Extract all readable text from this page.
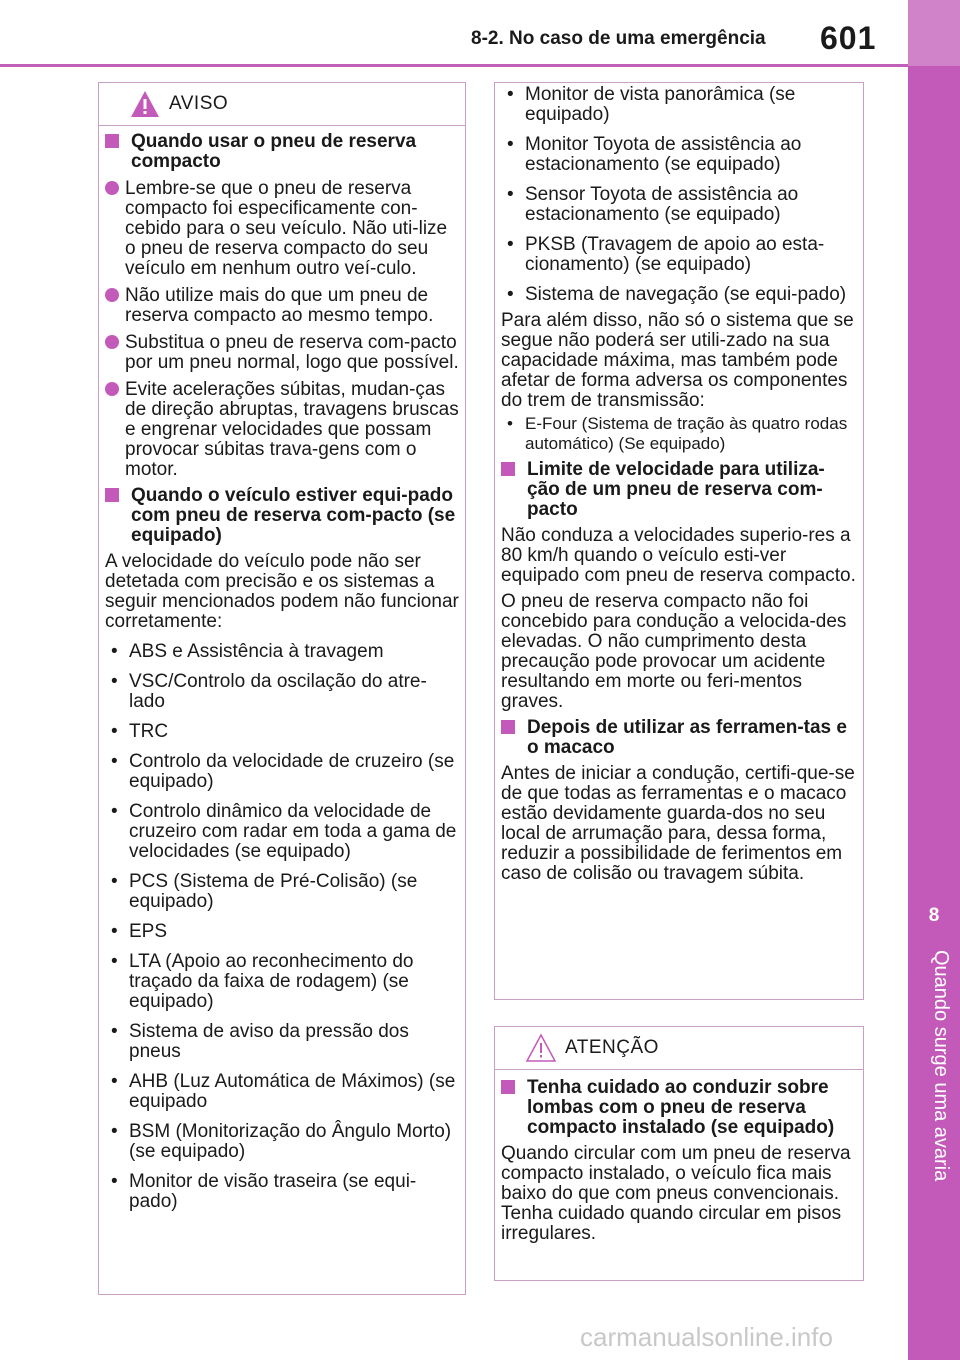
8-2. No caso de uma emergência 601
8
Quando surge uma avaria
AVISO
Quando usar o pneu de reserva compacto
Lembre-se que o pneu de reserva compacto foi especificamente con-cebido para o seu veículo. Não uti-lize o pneu de reserva compacto do seu veículo em nenhum outro veí-culo.
Não utilize mais do que um pneu de reserva compacto ao mesmo tempo.
Substitua o pneu de reserva com-pacto por um pneu normal, logo que possível.
Evite acelerações súbitas, mudan-ças de direção abruptas, travagens bruscas e engrenar velocidades que possam provocar súbitas trava-gens com o motor.
Quando o veículo estiver equi-pado com pneu de reserva com-pacto (se equipado)
A velocidade do veículo pode não ser detetada com precisão e os sistemas a seguir mencionados podem não funcionar corretamente:
• ABS e Assistência à travagem
• VSC/Controlo da oscilação do atre-lado
• TRC
• Controlo da velocidade de cruzeiro (se equipado)
• Controlo dinâmico da velocidade de cruzeiro com radar em toda a gama de velocidades (se equipado)
• PCS (Sistema de Pré-Colisão) (se equipado)
• EPS
• LTA (Apoio ao reconhecimento do traçado da faixa de rodagem) (se equipado)
• Sistema de aviso da pressão dos pneus
• AHB (Luz Automática de Máximos) (se equipado
• BSM (Monitorização do Ângulo Morto) (se equipado)
• Monitor de visão traseira (se equi-pado)
• Monitor de vista panorâmica (se equipado)
• Monitor Toyota de assistência ao estacionamento (se equipado)
• Sensor Toyota de assistência ao estacionamento (se equipado)
• PKSB (Travagem de apoio ao esta-cionamento) (se equipado)
• Sistema de navegação (se equi-pado)
Para além disso, não só o sistema que se segue não poderá ser utili-zado na sua capacidade máxima, mas também pode afetar de forma adversa os componentes do trem de transmissão:
• E-Four (Sistema de tração às quatro rodas automático) (Se equipado)
Limite de velocidade para utiliza-ção de um pneu de reserva com-pacto
Não conduza a velocidades superio-res a 80 km/h quando o veículo esti-ver equipado com pneu de reserva compacto.
O pneu de reserva compacto não foi concebido para condução a velocida-des elevadas. O não cumprimento desta precaução pode provocar um acidente resultando em morte ou feri-mentos graves.
Depois de utilizar as ferramen-tas e o macaco
Antes de iniciar a condução, certifi-que-se de que todas as ferramentas e o macaco estão devidamente guarda-dos no seu local de arrumação para, dessa forma, reduzir a possibilidade de ferimentos em caso de colisão ou travagem súbita.
ATENÇÃO
Tenha cuidado ao conduzir sobre lombas com o pneu de reserva compacto instalado (se equipado)
Quando circular com um pneu de reserva compacto instalado, o veículo fica mais baixo do que com pneus convencionais. Tenha cuidado quando circular em pisos irregulares.
carmanualsonline.info
